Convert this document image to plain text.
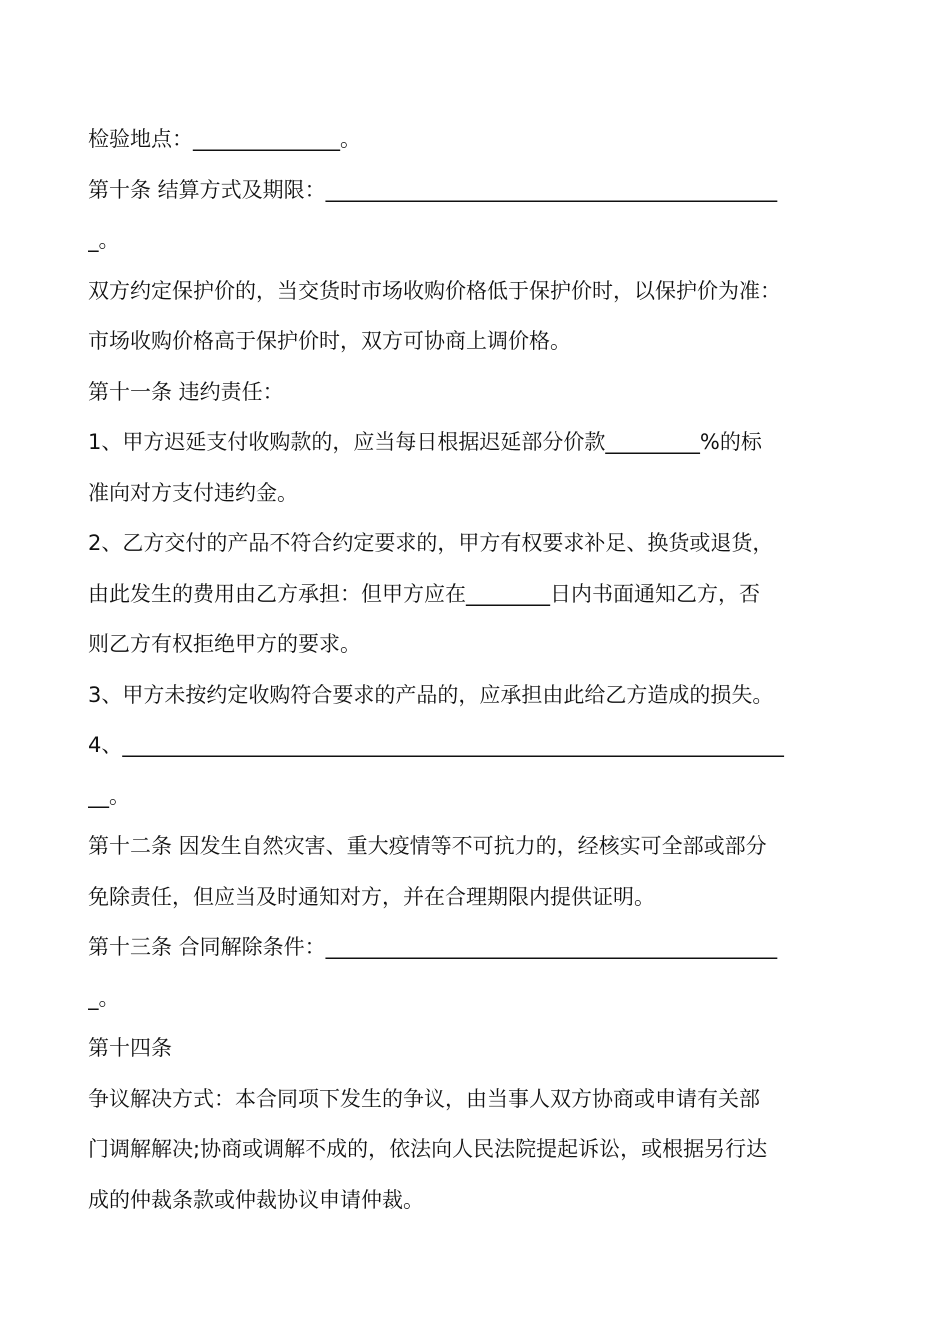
检验地点：______________。
第十条 结算方式及期限：___________________________________________
_。
双方约定保护价的，当交货时市场收购价格低于保护价时，以保护价为准：
市场收购价格高于保护价时，双方可协商上调价格。
第十一条 违约责任：
1、甲方迟延支付收购款的，应当每日根据迟延部分价款_________%的标
准向对方支付违约金。
2、乙方交付的产品不符合约定要求的，甲方有权要求补足、换货或退货，
由此发生的费用由乙方承担：但甲方应在________日内书面通知乙方，否
则乙方有权拒绝甲方的要求。
3、甲方未按约定收购符合要求的产品的，应承担由此给乙方造成的损失。
4、_______________________________________________________________
__。
第十二条 因发生自然灾害、重大疫情等不可抗力的，经核实可全部或部分
免除责任，但应当及时通知对方，并在合理期限内提供证明。
第十三条 合同解除条件：___________________________________________
_。
第十四条
争议解决方式：本合同项下发生的争议，由当事人双方协商或申请有关部
门调解解决;协商或调解不成的，依法向人民法院提起诉讼，或根据另行达
成的仲裁条款或仲裁协议申请仲裁。
